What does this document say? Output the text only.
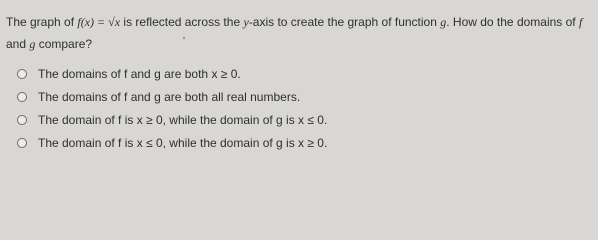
The graph of f(x) = √x is reflected across the y-axis to create the graph of function g. How do the domains of f and g compare?
The domains of f and g are both x ≥ 0.
The domains of f and g are both all real numbers.
The domain of f is x ≥ 0, while the domain of g is x ≤ 0.
The domain of f is x ≤ 0, while the domain of g is x ≥ 0.
